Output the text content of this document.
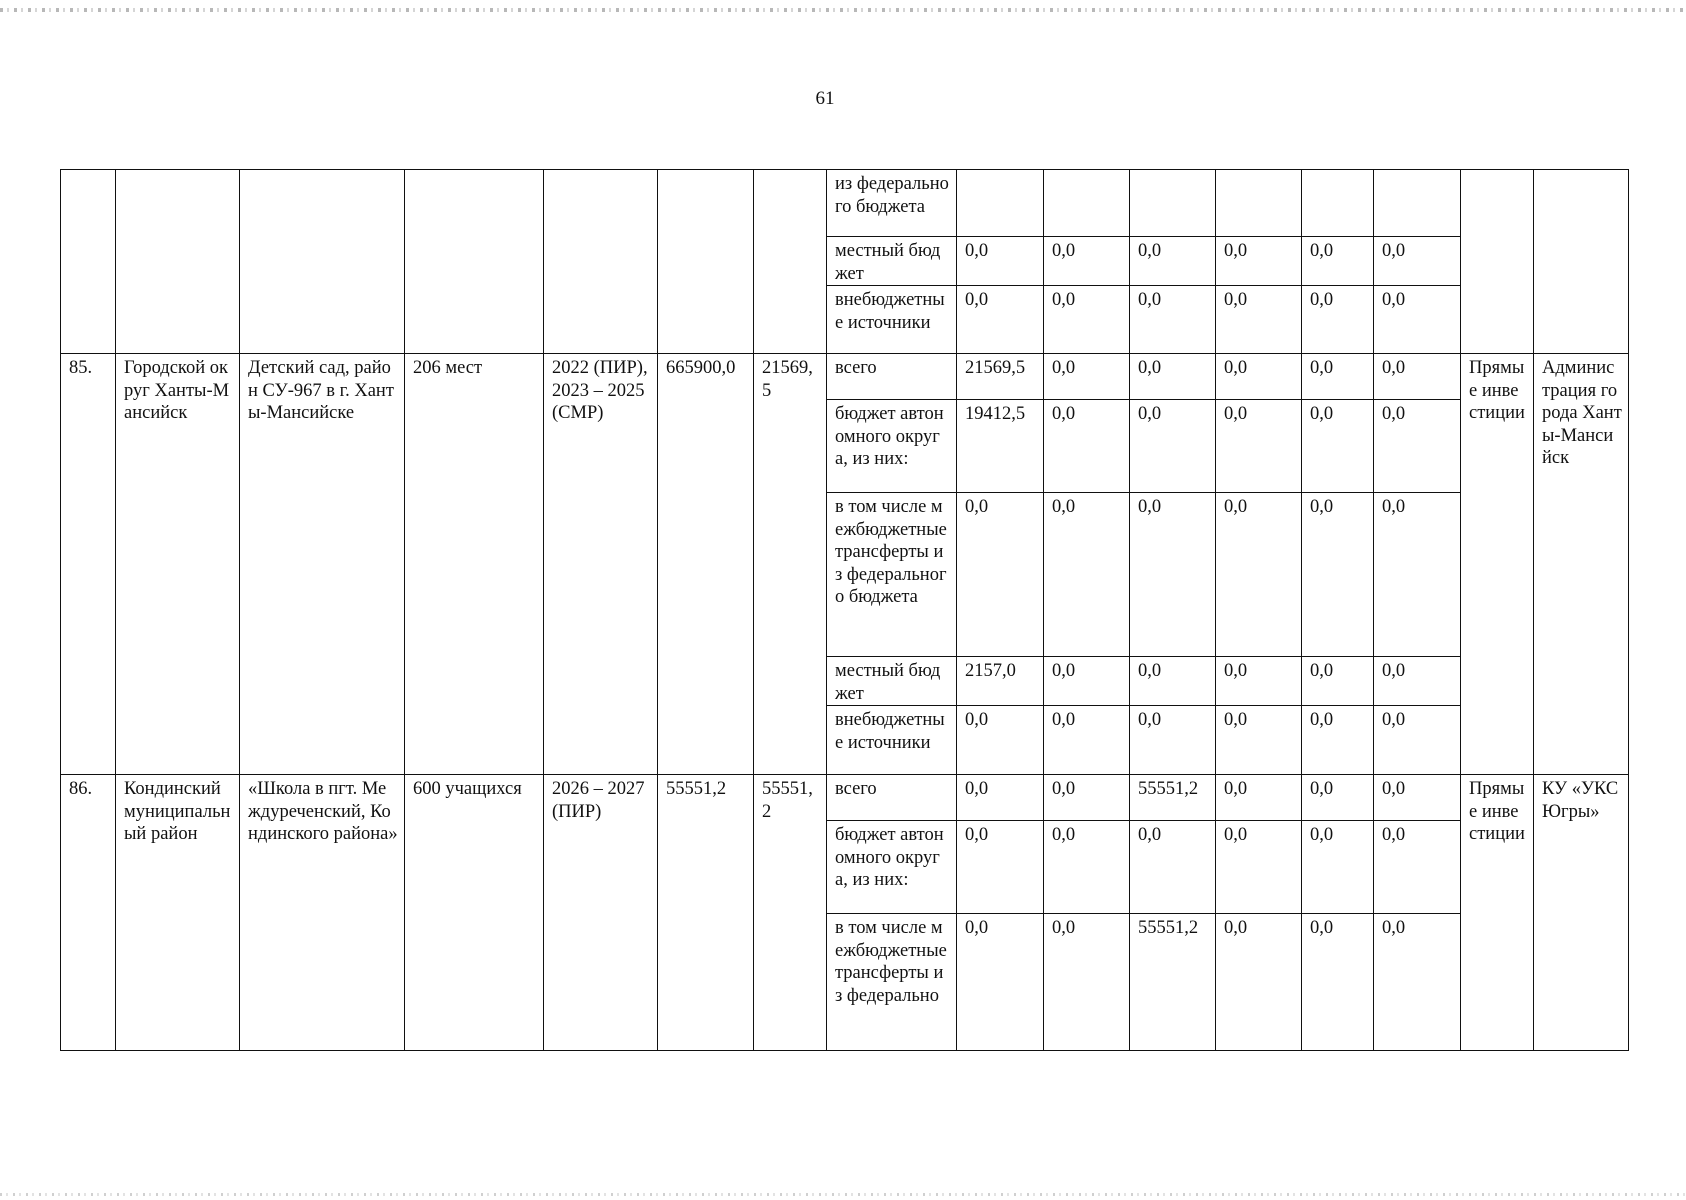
61
							из федерального бюджета								
							местный бюджет	0,0	0,0	0,0	0,0	0,0	0,0		
							внебюджетные источники	0,0	0,0	0,0	0,0	0,0	0,0		
85.	Городской округ Ханты-Мансийск	Детский сад, район СУ-967 в г. Ханты-Мансийске	206 мест	2022 (ПИР), 2023 – 2025 (СМР)	665900,0	21569,5	всего	21569,5	0,0	0,0	0,0	0,0	0,0	Прямые инвестиции	Администрация города Ханты-Мансийск
							бюджет автономного округа, из них:	19412,5	0,0	0,0	0,0	0,0	0,0		
							в том числе межбюджетные трансферты из федерального бюджета	0,0	0,0	0,0	0,0	0,0	0,0		
							местный бюджет	2157,0	0,0	0,0	0,0	0,0	0,0		
							внебюджетные источники	0,0	0,0	0,0	0,0	0,0	0,0		
86.	Кондинский муниципальный район	«Школа в пгт. Междуреченский, Кондинского района»	600 учащихся	2026 – 2027 (ПИР)	55551,2	55551,2	всего	0,0	0,0	55551,2	0,0	0,0	0,0	Прямые инвестиции	КУ «УКС Югры»
							бюджет автономного округа, из них:	0,0	0,0	0,0	0,0	0,0	0,0		
							в том числе межбюджетные трансферты из федерально	0,0	0,0	55551,2	0,0	0,0	0,0		
